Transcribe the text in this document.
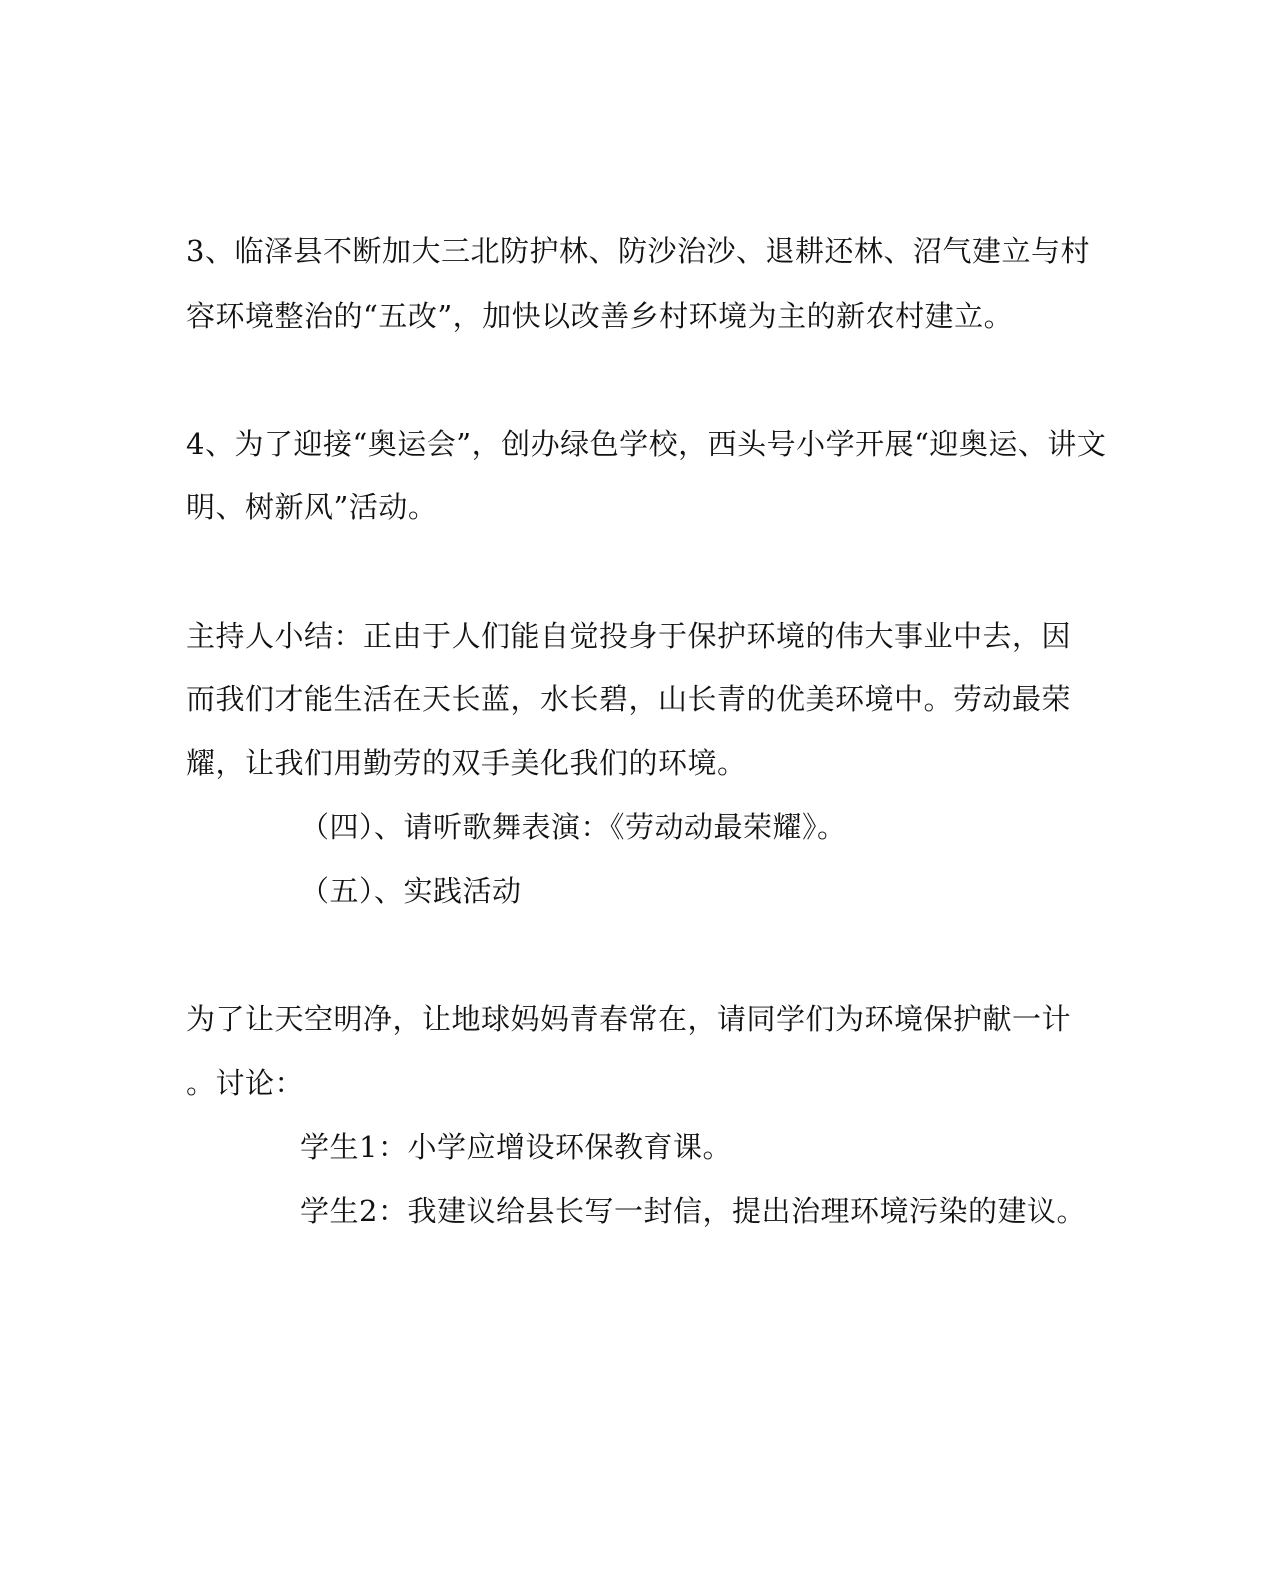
3、临泽县不断加大三北防护林、防沙治沙、退耕还林、沼气建立与村
容环境整治的“五改”，加快以改善乡村环境为主的新农村建立。
4、为了迎接“奥运会”，创办绿色学校，西头号小学开展“迎奥运、讲文
明、树新风”活动。
主持人小结：正由于人们能自觉投身于保护环境的伟大事业中去，因
而我们才能生活在天长蓝，水长碧，山长青的优美环境中。劳动最荣
耀，让我们用勤劳的双手美化我们的环境。
（四）、请听歌舞表演：《劳动动最荣耀》。
（五）、实践活动
为了让天空明净，让地球妈妈青春常在，请同学们为环境保护献一计
。讨论：
学生1：小学应增设环保教育课。
学生2：我建议给县长写一封信，提出治理环境污染的建议。
